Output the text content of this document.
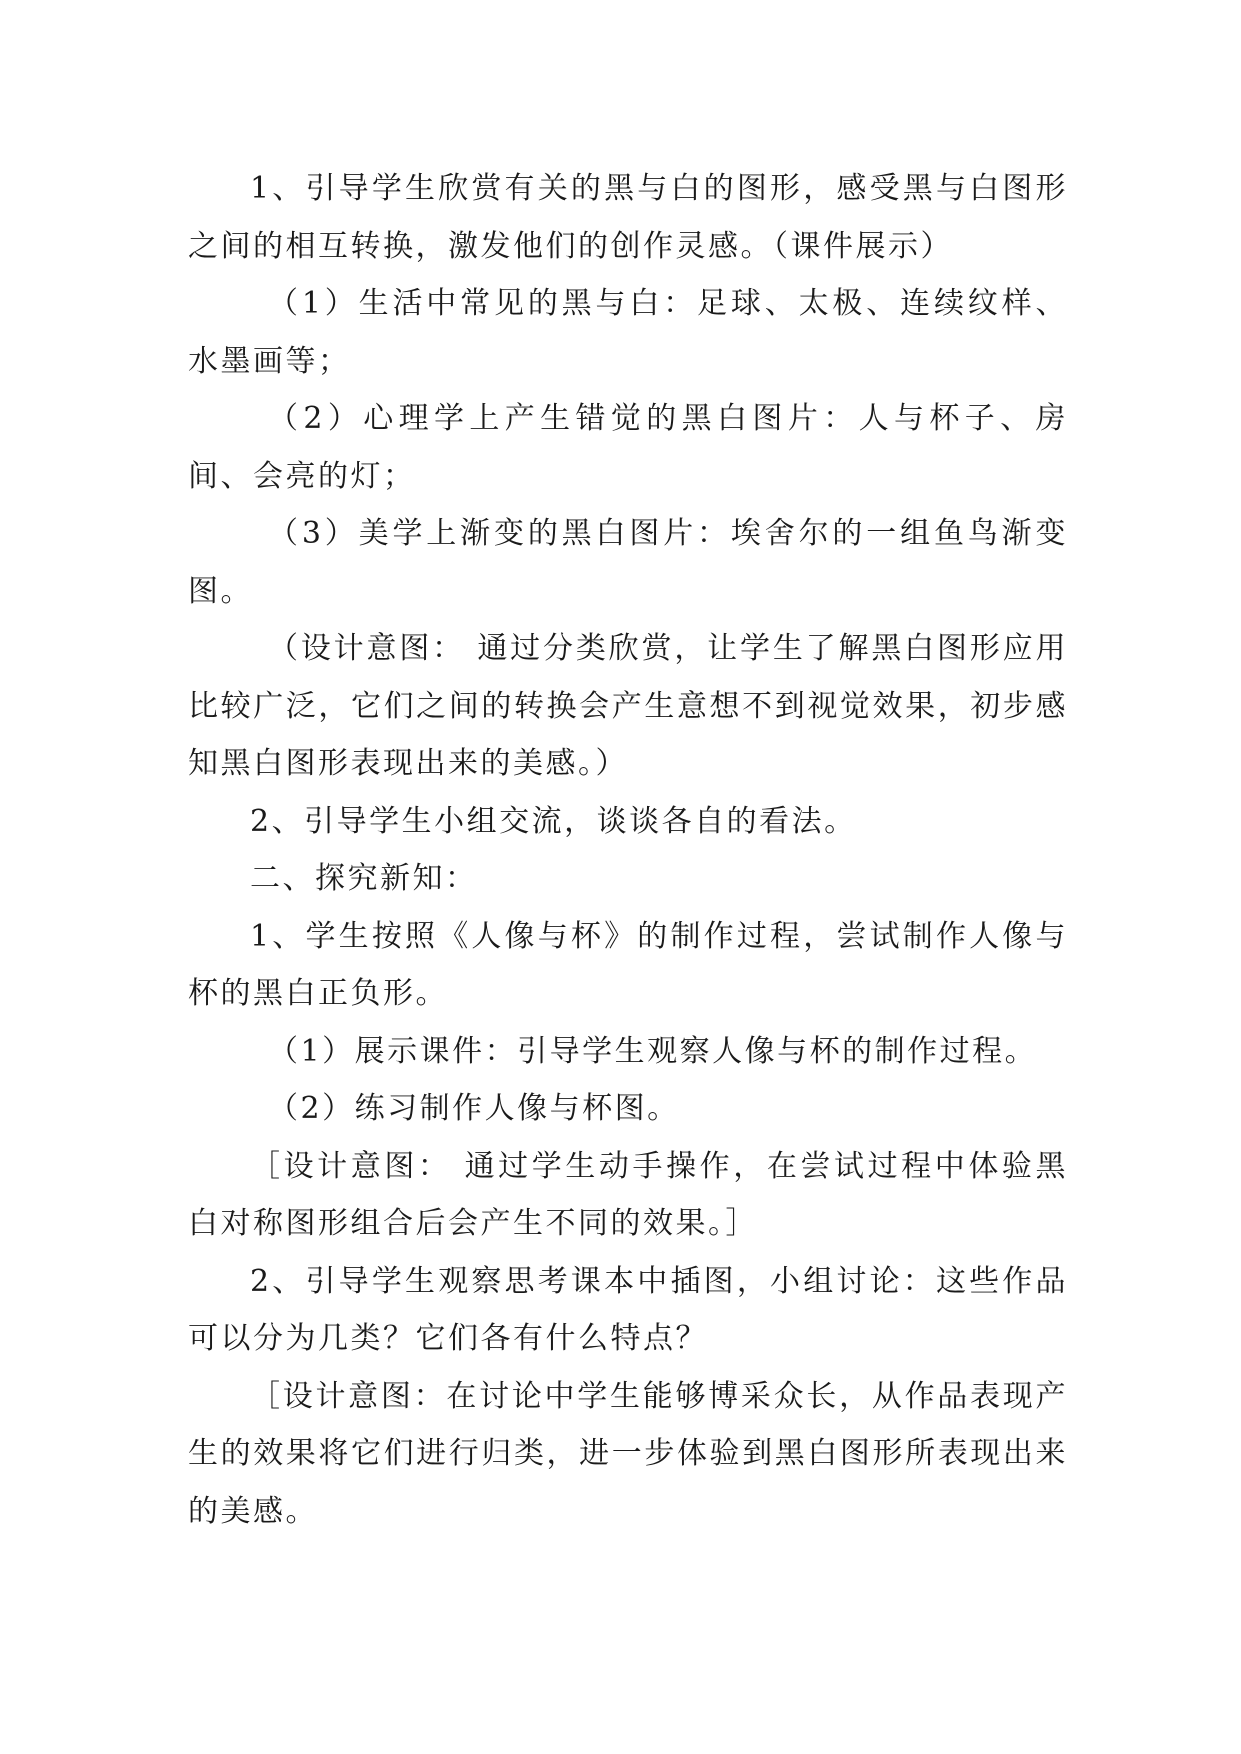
1、引导学生欣赏有关的黑与白的图形，感受黑与白图形之间的相互转换，激发他们的创作灵感。（课件展示）

（1）生活中常见的黑与白：足球、太极、连续纹样、水墨画等；

（2）心理学上产生错觉的黑白图片：人与杯子、房间、会亮的灯；

（3）美学上渐变的黑白图片：埃舍尔的一组鱼鸟渐变图。

（设计意图： 通过分类欣赏，让学生了解黑白图形应用比较广泛，它们之间的转换会产生意想不到视觉效果，初步感知黑白图形表现出来的美感。）

2、引导学生小组交流，谈谈各自的看法。

二、探究新知：

1、学生按照《人像与杯》的制作过程，尝试制作人像与杯的黑白正负形。

（1）展示课件：引导学生观察人像与杯的制作过程。

（2）练习制作人像与杯图。

［设计意图： 通过学生动手操作，在尝试过程中体验黑白对称图形组合后会产生不同的效果。］

2、引导学生观察思考课本中插图，小组讨论：这些作品可以分为几类？它们各有什么特点？

［设计意图：在讨论中学生能够博采众长，从作品表现产生的效果将它们进行归类，进一步体验到黑白图形所表现出来的美感。
